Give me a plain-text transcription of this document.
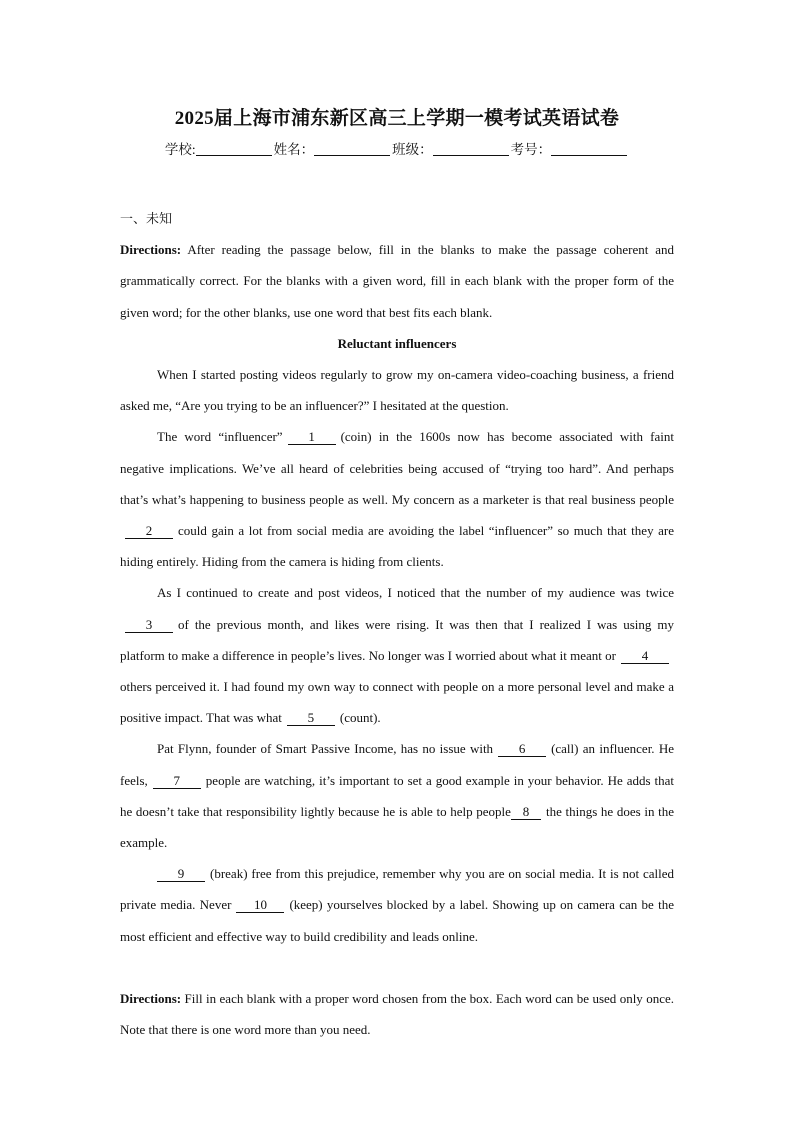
2025届上海市浦东新区高三上学期一模考试英语试卷
学校:	姓名：	班级：	考号：

一、未知

Directions: After reading the passage below, fill in the blanks to make the passage coherent and grammatically correct. For the blanks with a given word, fill in each blank with the proper form of the given word; for the other blanks, use one word that best fits each blank.

Reluctant influencers

When I started posting videos regularly to grow my on-camera video-coaching business, a friend asked me, “Are you trying to be an influencer?” I hesitated at the question.

The word “influencer” 1 (coin) in the 1600s now has become associated with faint negative implications. We’ve all heard of celebrities being accused of “trying too hard”. And perhaps that’s what’s happening to business people as well. My concern as a marketer is that real business people2 could gain a lot from social media are avoiding the label “influencer” so much that they are hiding entirely. Hiding from the camera is hiding from clients.

As I continued to create and post videos, I noticed that the number of my audience was twice3 of the previous month, and likes were rising. It was then that I realized I was using my platform to make a difference in people’s lives. No longer was I worried about what it meant or 4others perceived it. I had found my own way to connect with people on a more personal level and make a positive impact. That was what 5 (count).

Pat Flynn, founder of Smart Passive Income, has no issue with 6 (call) an influencer. He feels, 7 people are watching, it’s important to set a good example in your behavior. He adds that he doesn’t take that responsibility lightly because he is able to help people 8 the things he does in the example.

9 (break) free from this prejudice, remember why you are on social media. It is not called private media. Never 10 (keep) yourselves blocked by a label. Showing up on camera can be the most efficient and effective way to build credibility and leads online.

Directions: Fill in each blank with a proper word chosen from the box. Each word can be used only once. Note that there is one word more than you need.
